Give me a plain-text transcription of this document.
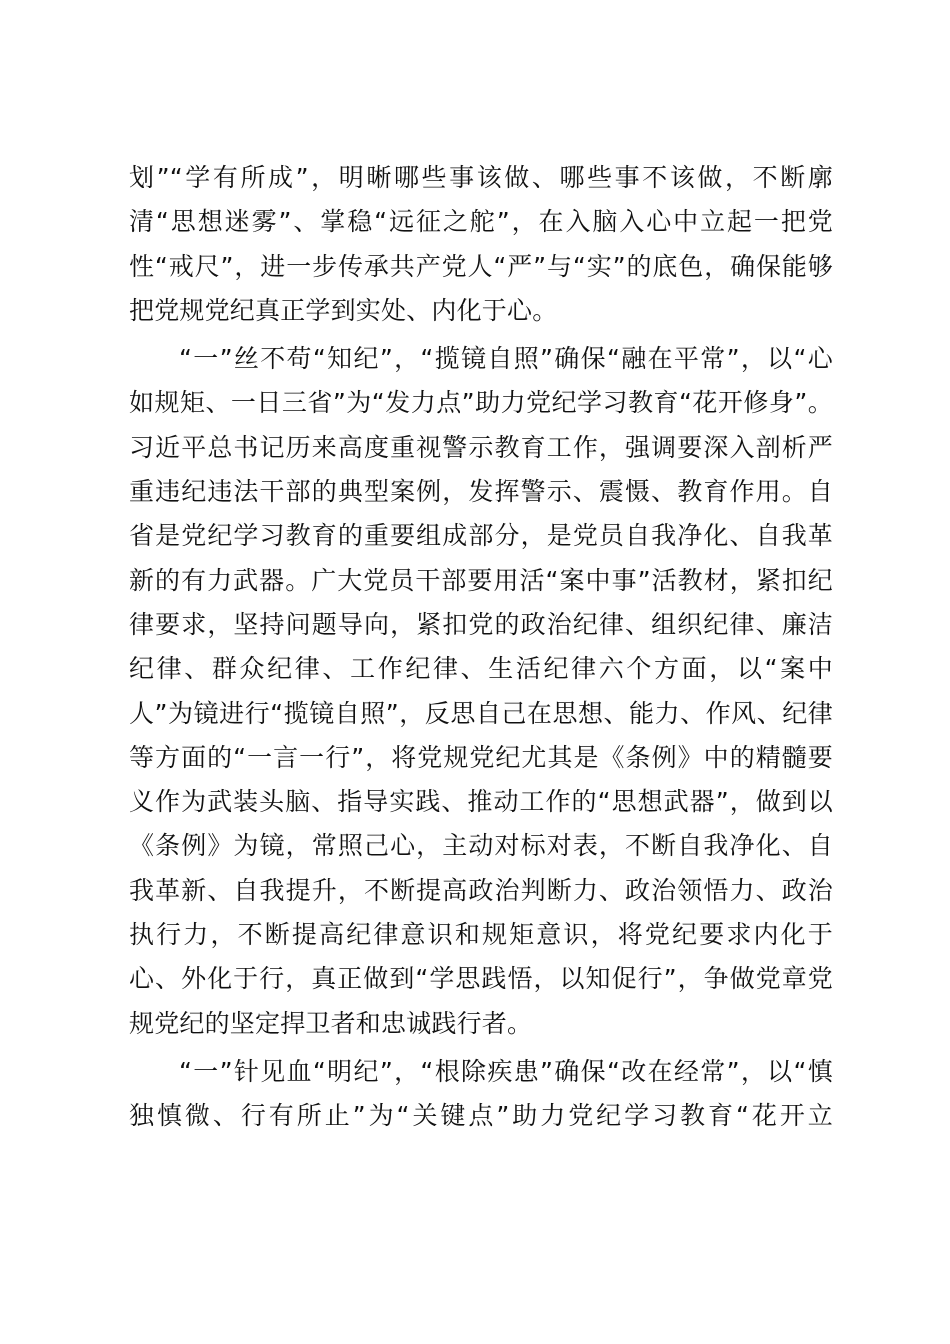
划”“学有所成”，明晰哪些事该做、哪些事不该做，不断廓
清“思想迷雾”、掌稳“远征之舵”，在入脑入心中立起一把党
性“戒尺”，进一步传承共产党人“严”与“实”的底色，确保能够
把党规党纪真正学到实处、内化于心。
“一”丝不苟“知纪”，“揽镜自照”确保“融在平常”，以“心
如规矩、一日三省”为“发力点”助力党纪学习教育“花开修身”。
习近平总书记历来高度重视警示教育工作，强调要深入剖析严
重违纪违法干部的典型案例，发挥警示、震慑、教育作用。自
省是党纪学习教育的重要组成部分，是党员自我净化、自我革
新的有力武器。广大党员干部要用活“案中事”活教材，紧扣纪
律要求，坚持问题导向，紧扣党的政治纪律、组织纪律、廉洁
纪律、群众纪律、工作纪律、生活纪律六个方面，以“案中
人”为镜进行“揽镜自照”，反思自己在思想、能力、作风、纪律
等方面的“一言一行”，将党规党纪尤其是《条例》中的精髓要
义作为武装头脑、指导实践、推动工作的“思想武器”，做到以
《条例》为镜，常照己心，主动对标对表，不断自我净化、自
我革新、自我提升，不断提高政治判断力、政治领悟力、政治
执行力，不断提高纪律意识和规矩意识，将党纪要求内化于
心、外化于行，真正做到“学思践悟，以知促行”，争做党章党
规党纪的坚定捍卫者和忠诚践行者。
“一”针见血“明纪”，“根除疾患”确保“改在经常”，以“慎
独慎微、行有所止”为“关键点”助力党纪学习教育“花开立
